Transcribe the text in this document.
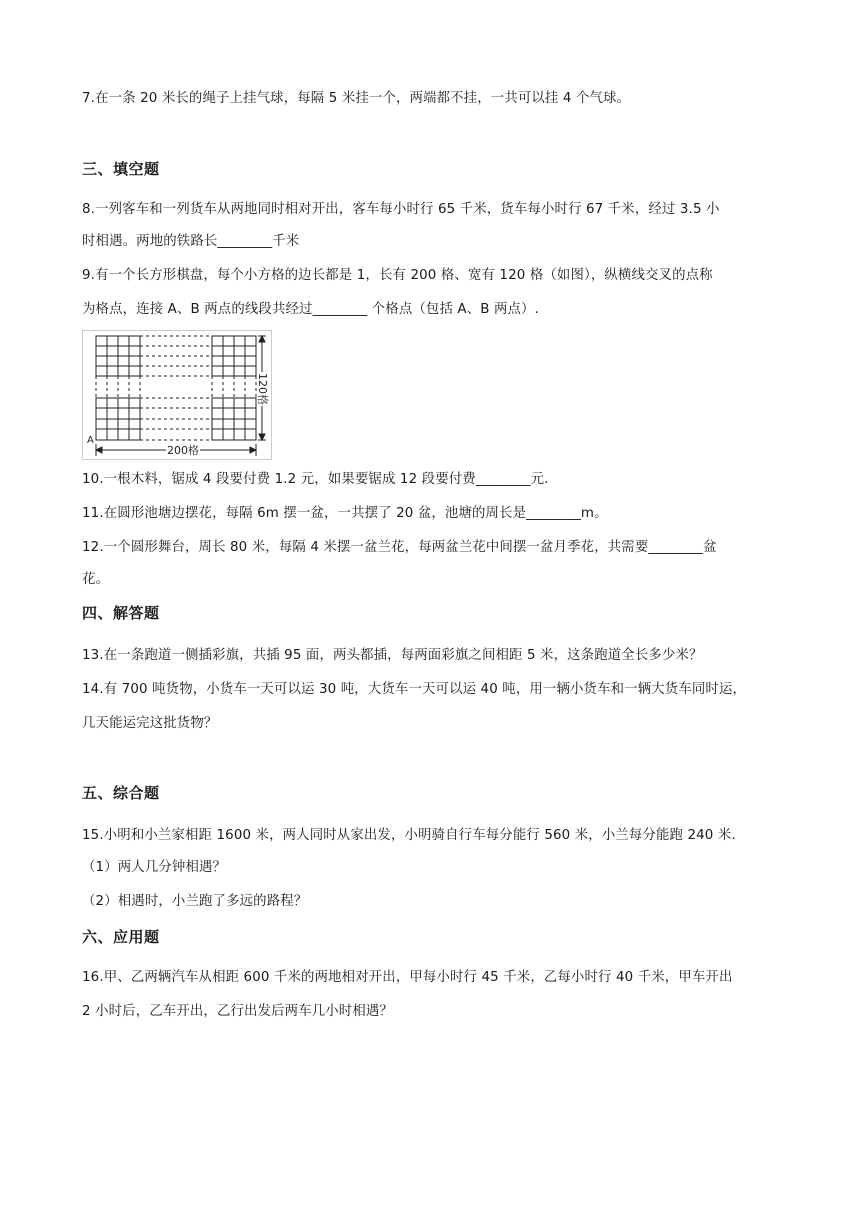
7.在一条 20 米长的绳子上挂气球，每隔 5 米挂一个，两端都不挂，一共可以挂 4 个气球。
三、填空题
8.一列客车和一列货车从两地同时相对开出，客车每小时行 65 千米，货车每小时行 67 千米，经过 3.5 小
时相遇。两地的铁路长________千米
9.有一个长方形棋盘，每个小方格的边长都是 1，长有 200 格、宽有 120 格（如图），纵横线交叉的点称
为格点，连接 A、B 两点的线段共经过________ 个格点（包括 A、B 两点）.
A
200格
120格
10.一根木料，锯成 4 段要付费 1.2 元，如果要锯成 12 段要付费________元.
11.在圆形池塘边摆花，每隔 6m 摆一盆，一共摆了 20 盆，池塘的周长是________m。
12.一个圆形舞台，周长 80 米，每隔 4 米摆一盆兰花，每两盆兰花中间摆一盆月季花，共需要________盆
花。
四、解答题
13.在一条跑道一侧插彩旗，共插 95 面，两头都插，每两面彩旗之间相距 5 米，这条跑道全长多少米？
14.有 700 吨货物，小货车一天可以运 30 吨，大货车一天可以运 40 吨，用一辆小货车和一辆大货车同时运，
几天能运完这批货物？
五、综合题
15.小明和小兰家相距 1600 米，两人同时从家出发，小明骑自行车每分能行 560 米，小兰每分能跑 240 米.
（1）两人几分钟相遇？
（2）相遇时，小兰跑了多远的路程？
六、应用题
16.甲、乙两辆汽车从相距 600 千米的两地相对开出，甲每小时行 45 千米，乙每小时行 40 千米，甲车开出
2 小时后，乙车开出，乙行出发后两车几小时相遇？
